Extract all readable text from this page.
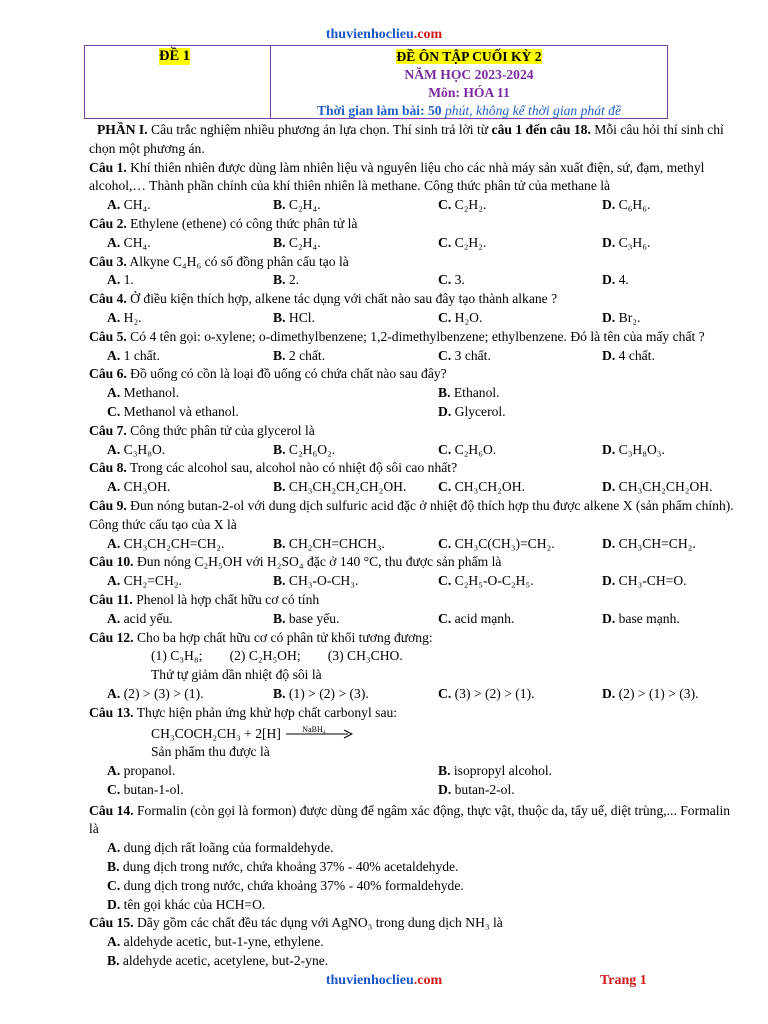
thuvienhoclieu.com
ĐỀ 1	ĐỀ ÔN TẬP CUỐI KỲ 2
NĂM HỌC 2023-2024
Môn: HÓA 11
Thời gian làm bài: 50 phút, không kể thời gian phát đề
PHẦN I. Câu trắc nghiệm nhiều phương án lựa chọn. Thí sinh trả lời từ câu 1 đến câu 18. Mỗi câu hỏi thí sinh chỉ chọn một phương án.
Câu 1. Khí thiên nhiên được dùng làm nhiên liệu và nguyên liệu cho các nhà máy sản xuất điện, sứ, đạm, methyl alcohol,… Thành phần chính của khí thiên nhiên là methane. Công thức phân tử của methane là
A. CH₄.	B. C₂H₄.	C. C₂H₂.	D. C₆H₆.
Câu 2. Ethylene (ethene) có công thức phân tử là
A. CH₄.	B. C₂H₄.	C. C₂H₂.	D. C₃H₆.
Câu 3. Alkyne C₄H₆ có số đồng phân cấu tạo là
A. 1.	B. 2.	C. 3.	D. 4.
Câu 4. Ở điều kiện thích hợp, alkene tác dụng với chất nào sau đây tạo thành alkane ?
A. H₂.	B. HCl.	C. H₂O.	D. Br₂.
Câu 5. Có 4 tên gọi: o-xylene; o-dimethylbenzene; 1,2-dimethylbenzene; ethylbenzene. Đó là tên của mấy chất ?
A. 1 chất.	B. 2 chất.	C. 3 chất.	D. 4 chất.
Câu 6. Đồ uống có cồn là loại đồ uống có chứa chất nào sau đây?
A. Methanol.	B. Ethanol.
C. Methanol và ethanol.	D. Glycerol.
Câu 7. Công thức phân tử của glycerol là
A. C₃H₈O.	B. C₂H₆O₂.	C. C₂H₆O.	D. C₃H₈O₃.
Câu 8. Trong các alcohol sau, alcohol nào có nhiệt độ sôi cao nhất?
A. CH₃OH.	B. CH₃CH₂CH₂CH₂OH. C. CH₃CH₂OH.	D. CH₃CH₂CH₂OH.
Câu 9. Đun nóng butan-2-ol với dung dịch sulfuric acid đặc ở nhiệt độ thích hợp thu được alkene X (sản phẩm chính). Công thức cấu tạo của X là
A. CH₃CH₂CH=CH₂.	B. CH₂CH=CHCH₃.	C. CH₃C(CH₃)=CH₂.	D. CH₃CH=CH₂.
Câu 10. Đun nóng C₂H₅OH với H₂SO₄ đặc ở 140 °C, thu được sản phẩm là
A. CH₂=CH₂.	B. CH₃-O-CH₃.	C. C₂H₅-O-C₂H₅.	D. CH₃-CH=O.
Câu 11. Phenol là hợp chất hữu cơ có tính
A. acid yếu.	B. base yếu.	C. acid mạnh.	D. base mạnh.
Câu 12. Cho ba hợp chất hữu cơ có phân tử khối tương đương:
(1) C₃H₈;        (2) C₂H₅OH;        (3) CH₃CHO.
Thứ tự giảm dần nhiệt độ sôi là
A. (2) > (3) > (1).	B. (1) > (2) > (3).	C. (3) > (2) > (1).	D. (2) > (1) > (3).
Câu 13. Thực hiện phản ứng khử hợp chất carbonyl sau:
CH₃COCH₂CH₃ + 2[H]	NaBH₄
Sản phẩm thu được là
A. propanol.	B. isopropyl alcohol.
C. butan-1-ol.	D. butan-2-ol.
Câu 14. Formalin (còn gọi là formon) được dùng để ngâm xác động, thực vật, thuộc da, tẩy uế, diệt trùng,... Formalin là
A. dung dịch rất loãng của formaldehyde.
B. dung dịch trong nước, chứa khoảng 37% - 40% acetaldehyde.
C. dung dịch trong nước, chứa khoảng 37% - 40% formaldehyde.
D. tên gọi khác của HCH=O.
Câu 15. Dãy gồm các chất đều tác dụng với AgNO₃ trong dung dịch NH₃ là
A. aldehyde acetic, but-1-yne, ethylene.
B. aldehyde acetic, acetylene, but-2-yne.
thuvienhoclieu.com	Trang 1
